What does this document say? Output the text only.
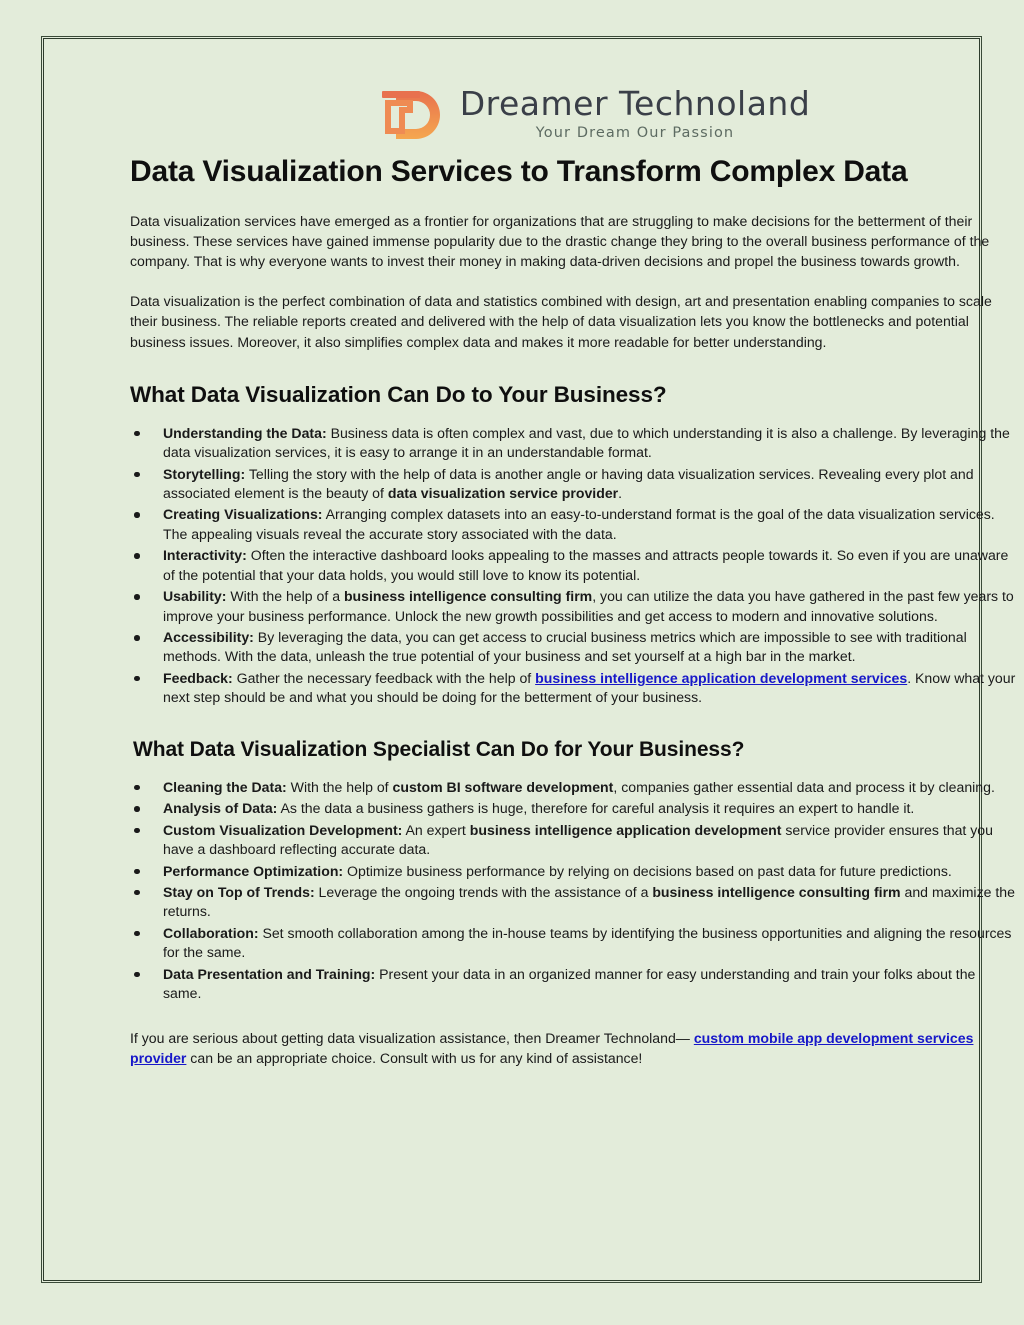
Dreamer Technoland
Your Dream Our Passion
Data Visualization Services to Transform Complex Data

Data visualization services have emerged as a frontier for organizations that are struggling to make decisions for the betterment of their business. These services have gained immense popularity due to the drastic change they bring to the overall business performance of the company. That is why everyone wants to invest their money in making data-driven decisions and propel the business towards growth.

Data visualization is the perfect combination of data and statistics combined with design, art and presentation enabling companies to scale their business. The reliable reports created and delivered with the help of data visualization lets you know the bottlenecks and potential business issues. Moreover, it also simplifies complex data and makes it more readable for better understanding.

What Data Visualization Can Do to Your Business?
Understanding the Data: Business data is often complex and vast, due to which understanding it is also a challenge. By leveraging the data visualization services, it is easy to arrange it in an understandable format.
Storytelling: Telling the story with the help of data is another angle or having data visualization services. Revealing every plot and associated element is the beauty of data visualization service provider.
Creating Visualizations: Arranging complex datasets into an easy-to-understand format is the goal of the data visualization services. The appealing visuals reveal the accurate story associated with the data.
Interactivity: Often the interactive dashboard looks appealing to the masses and attracts people towards it. So even if you are unaware of the potential that your data holds, you would still love to know its potential.
Usability: With the help of a business intelligence consulting firm, you can utilize the data you have gathered in the past few years to improve your business performance. Unlock the new growth possibilities and get access to modern and innovative solutions.
Accessibility: By leveraging the data, you can get access to crucial business metrics which are impossible to see with traditional methods. With the data, unleash the true potential of your business and set yourself at a high bar in the market.
Feedback: Gather the necessary feedback with the help of business intelligence application development services. Know what your next step should be and what you should be doing for the betterment of your business.
What Data Visualization Specialist Can Do for Your Business?
Cleaning the Data: With the help of custom BI software development, companies gather essential data and process it by cleaning.
Analysis of Data: As the data a business gathers is huge, therefore for careful analysis it requires an expert to handle it.
Custom Visualization Development: An expert business intelligence application development service provider ensures that you have a dashboard reflecting accurate data.
Performance Optimization: Optimize business performance by relying on decisions based on past data for future predictions.
Stay on Top of Trends: Leverage the ongoing trends with the assistance of a business intelligence consulting firm and maximize the returns.
Collaboration: Set smooth collaboration among the in-house teams by identifying the business opportunities and aligning the resources for the same.
Data Presentation and Training: Present your data in an organized manner for easy understanding and train your folks about the same.

If you are serious about getting data visualization assistance, then Dreamer Technoland— custom mobile app development services provider can be an appropriate choice. Consult with us for any kind of assistance!
